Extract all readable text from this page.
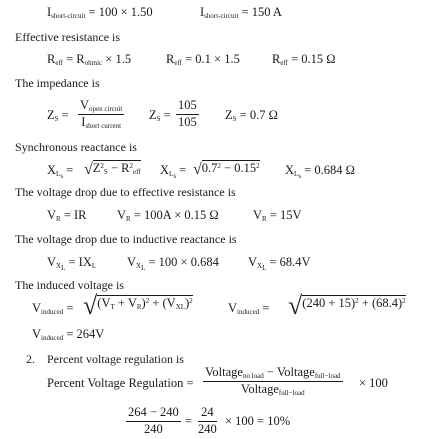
$I_{short-circuit} = 100 \times 1.50$	$I_{short-circuit} = 150$ A
Effective resistance is
$R_{eff} = R_{ohmic} \times 1.5$	$R_{eff} = 0.1 \times 1.5$	$R_{eff} = 0.15$ Ω
The impedance is
$Z_S$ =
$V_{open circuit}$
$I_{short current}$
$Z_S = \frac{105}{105} Z_S = 0.7$ Ω
Synchronous reactance is
$X_{L_s} = √Z^2_S - R^2_{eff}$ $X_{L_s} = √0.7^2 - 0.15^2$ $X_{L_s} = 0.684$ Ω
The voltage drop due to effective resistance is
$V_R$ = IR $V_R = 100A \times 0.15$ Ω	$V_R = 15V$
The voltage drop due to inductive reactance is
$V_{X_L} = IX_L$ $V_{X_L} = 100 \times 0.684$ $V_{X_L} = 68.4V$
The induced voltage is
$V_{induced} = √(V_T + V_R)^2 + (V_{XL})^2$	$V_{induced} = √(240 + 15)^2 + (68.4)^2$
$V_{induced} = 264V$
2. Percent voltage regulation is
Percent Voltage Regulation =
Voltage$_{no load}$ − Voltage$_{full-load}$
Voltage$_{full-load}$
× 100
$\frac{264 - 240}{240} = \frac{24}{240} \times 100 = 10\%$
